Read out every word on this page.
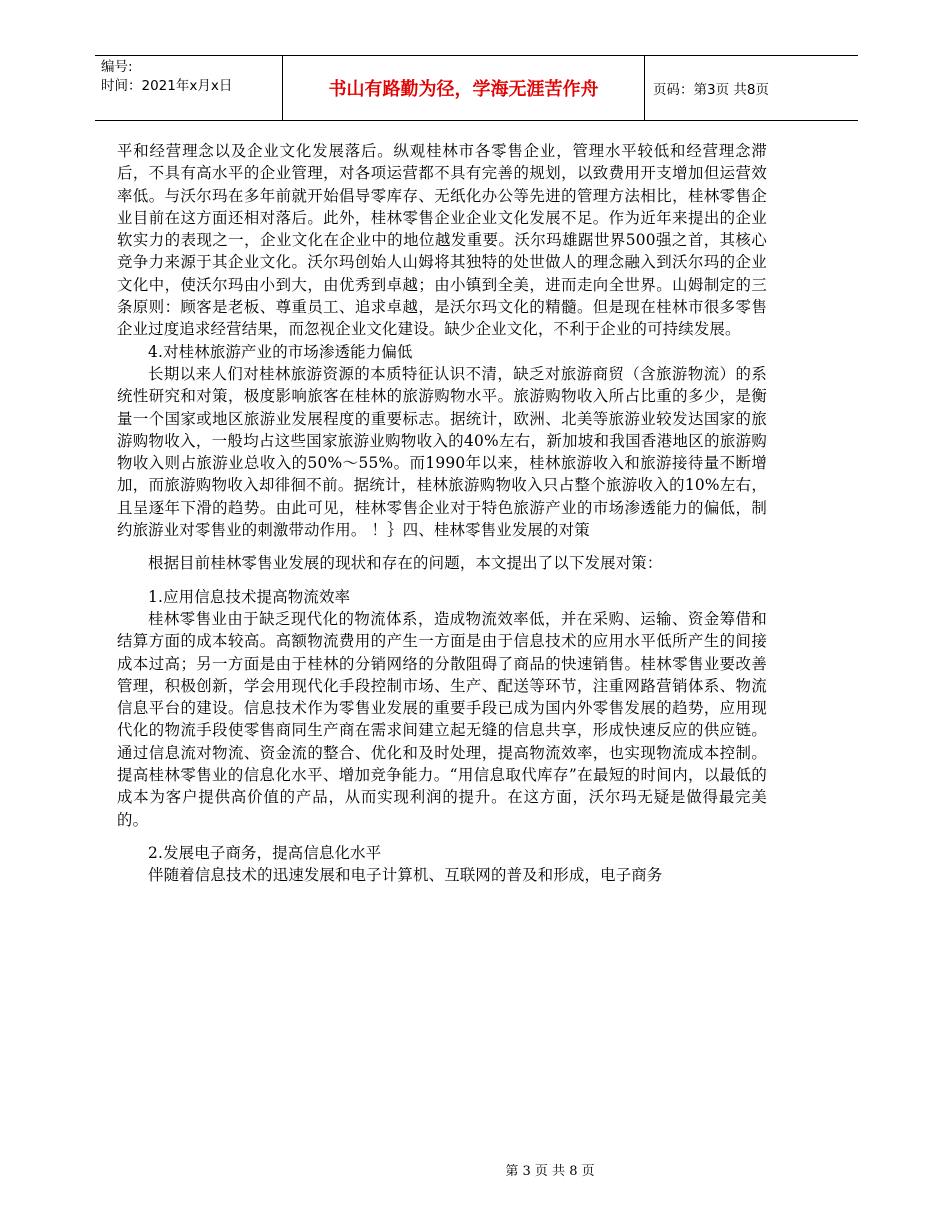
编号:
时间：2021年x月x日	书山有路勤为径，学海无涯苦作舟	页码：第3页 共8页

平和经营理念以及企业文化发展落后。纵观桂林市各零售企业，管理水平较低和经营理念滞后，不具有高水平的企业管理，对各项运营都不具有完善的规划，以致费用开支增加但运营效率低。与沃尔玛在多年前就开始倡导零库存、无纸化办公等先进的管理方法相比，桂林零售企业目前在这方面还相对落后。此外，桂林零售企业企业文化发展不足。作为近年来提出的企业软实力的表现之一，企业文化在企业中的地位越发重要。沃尔玛雄踞世界500强之首，其核心竞争力来源于其企业文化。沃尔玛创始人山姆将其独特的处世做人的理念融入到沃尔玛的企业文化中，使沃尔玛由小到大，由优秀到卓越；由小镇到全美，进而走向全世界。山姆制定的三条原则：顾客是老板、尊重员工、追求卓越，是沃尔玛文化的精髓。但是现在桂林市很多零售企业过度追求经营结果，而忽视企业文化建设。缺少企业文化，不利于企业的可持续发展。

4.对桂林旅游产业的市场渗透能力偏低

长期以来人们对桂林旅游资源的本质特征认识不清，缺乏对旅游商贸（含旅游物流）的系统性研究和对策，极度影响旅客在桂林的旅游购物水平。旅游购物收入所占比重的多少，是衡量一个国家或地区旅游业发展程度的重要标志。据统计，欧洲、北美等旅游业较发达国家的旅游购物收入，一般均占这些国家旅游业购物收入的40%左右，新加坡和我国香港地区的旅游购物收入则占旅游业总收入的50%～55%。而1990年以来，桂林旅游收入和旅游接待量不断增加，而旅游购物收入却徘徊不前。据统计，桂林旅游购物收入只占整个旅游收入的10%左右，且呈逐年下滑的趋势。由此可见，桂林零售企业对于特色旅游产业的市场渗透能力的偏低，制约旅游业对零售业的刺激带动作用。 ！｝四、桂林零售业发展的对策

根据目前桂林零售业发展的现状和存在的问题，本文提出了以下发展对策：

1.应用信息技术提高物流效率

桂林零售业由于缺乏现代化的物流体系，造成物流效率低，并在采购、运输、资金筹借和结算方面的成本较高。高额物流费用的产生一方面是由于信息技术的应用水平低所产生的间接成本过高；另一方面是由于桂林的分销网络的分散阻碍了商品的快速销售。桂林零售业要改善管理，积极创新，学会用现代化手段控制市场、生产、配送等环节，注重网路营销体系、物流信息平台的建设。信息技术作为零售业发展的重要手段已成为国内外零售发展的趋势，应用现代化的物流手段使零售商同生产商在需求间建立起无缝的信息共享，形成快速反应的供应链。通过信息流对物流、资金流的整合、优化和及时处理，提高物流效率，也实现物流成本控制。提高桂林零售业的信息化水平、增加竞争能力。“用信息取代库存”在最短的时间内，以最低的成本为客户提供高价值的产品，从而实现利润的提升。在这方面，沃尔玛无疑是做得最完美的。

2.发展电子商务，提高信息化水平

伴随着信息技术的迅速发展和电子计算机、互联网的普及和形成，电子商务

第 3 页 共 8 页
